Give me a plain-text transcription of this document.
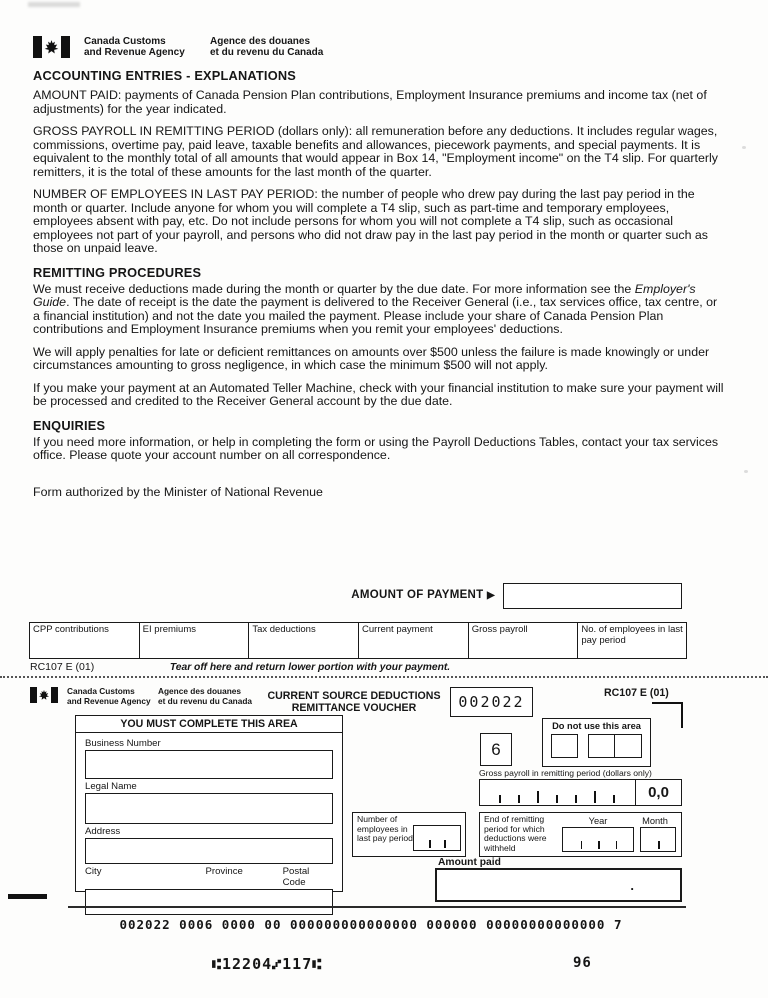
Canada Customs
and Revenue Agency
Agence des douanes
et du revenu du Canada
ACCOUNTING ENTRIES - EXPLANATIONS

AMOUNT PAID: payments of Canada Pension Plan contributions, Employment Insurance premiums and income tax (net of adjustments) for the year indicated.

GROSS PAYROLL IN REMITTING PERIOD (dollars only): all remuneration before any deductions. It includes regular wages, commissions, overtime pay, paid leave, taxable benefits and allowances, piecework payments, and special payments. It is equivalent to the monthly total of all amounts that would appear in Box 14, "Employment income" on the T4 slip. For quarterly remitters, it is the total of these amounts for the last month of the quarter.

NUMBER OF EMPLOYEES IN LAST PAY PERIOD: the number of people who drew pay during the last pay period in the month or quarter. Include anyone for whom you will complete a T4 slip, such as part-time and temporary employees, employees absent with pay, etc. Do not include persons for whom you will not complete a T4 slip, such as occasional employees not part of your payroll, and persons who did not draw pay in the last pay period in the month or quarter such as those on unpaid leave.

REMITTING PROCEDURES

We must receive deductions made during the month or quarter by the due date. For more information see the Employer's Guide. The date of receipt is the date the payment is delivered to the Receiver General (i.e., tax services office, tax centre, or a financial institution) and not the date you mailed the payment. Please include your share of Canada Pension Plan contributions and Employment Insurance premiums when you remit your employees' deductions.

We will apply penalties for late or deficient remittances on amounts over $500 unless the failure is made knowingly or under circumstances amounting to gross negligence, in which case the minimum $500 will not apply.

If you make your payment at an Automated Teller Machine, check with your financial institution to make sure your payment will be processed and credited to the Receiver General account by the due date.

ENQUIRIES

If you need more information, or help in completing the form or using the Payroll Deductions Tables, contact your tax services office. Please quote your account number on all correspondence.

Form authorized by the Minister of National Revenue

AMOUNT OF PAYMENT ▶
CPP contributions	EI premiums	Tax deductions	Current payment	Gross payroll	No. of employees in last pay period
RC107 E (01)	Tear off here and return lower portion with your payment.
Canada Customs
and Revenue Agency
Agence des douanes
et du revenu du Canada	CURRENT SOURCE DEDUCTIONS
REMITTANCE VOUCHER	002022	RC107 E (01)
YOU MUST COMPLETE THIS AREA
Business Number
Legal Name
Address
City	Province	Postal Code
6
Do not use this area
Gross payroll in remitting period (dollars only)
0,0
Number of employees in last pay period
End of remitting period for which deductions were withheld
Year	Month
Amount paid
.
002022 0006 0000 00 000000000000000 000000 00000000000000 7
⑆12204⑇117⑆	96
